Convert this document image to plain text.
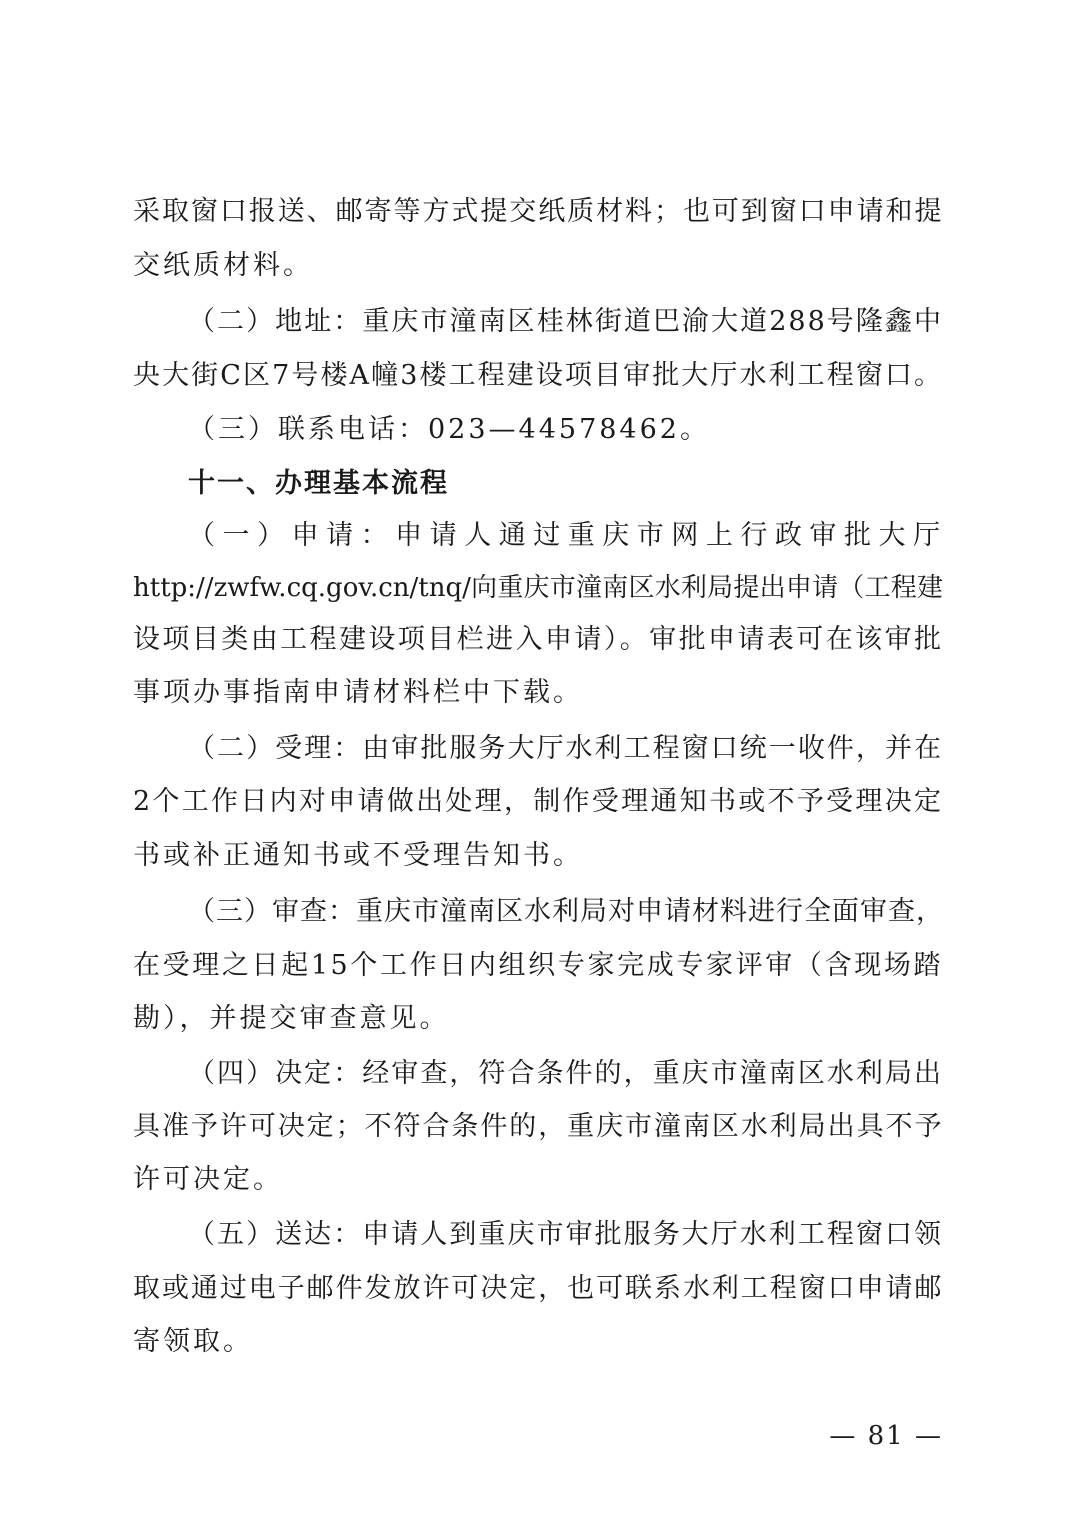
采取窗口报送、邮寄等方式提交纸质材料；也可到窗口申请和提
交纸质材料。
（二）地址：重庆市潼南区桂林街道巴渝大道288号隆鑫中
央大街C区7号楼A幢3楼工程建设项目审批大厅水利工程窗口。
（三）联系电话：023—44578462。
十一、办理基本流程
（一）申请：申请人通过重庆市网上行政审批大厅
http://zwfw.cq.gov.cn/tnq/向重庆市潼南区水利局提出申请（工程建
设项目类由工程建设项目栏进入申请）。审批申请表可在该审批
事项办事指南申请材料栏中下载。
（二）受理：由审批服务大厅水利工程窗口统一收件，并在
2个工作日内对申请做出处理，制作受理通知书或不予受理决定
书或补正通知书或不受理告知书。
（三）审查：重庆市潼南区水利局对申请材料进行全面审查，
在受理之日起15个工作日内组织专家完成专家评审（含现场踏
勘），并提交审查意见。
（四）决定：经审查，符合条件的，重庆市潼南区水利局出
具准予许可决定；不符合条件的，重庆市潼南区水利局出具不予
许可决定。
（五）送达：申请人到重庆市审批服务大厅水利工程窗口领
取或通过电子邮件发放许可决定，也可联系水利工程窗口申请邮
寄领取。
— 81 —
